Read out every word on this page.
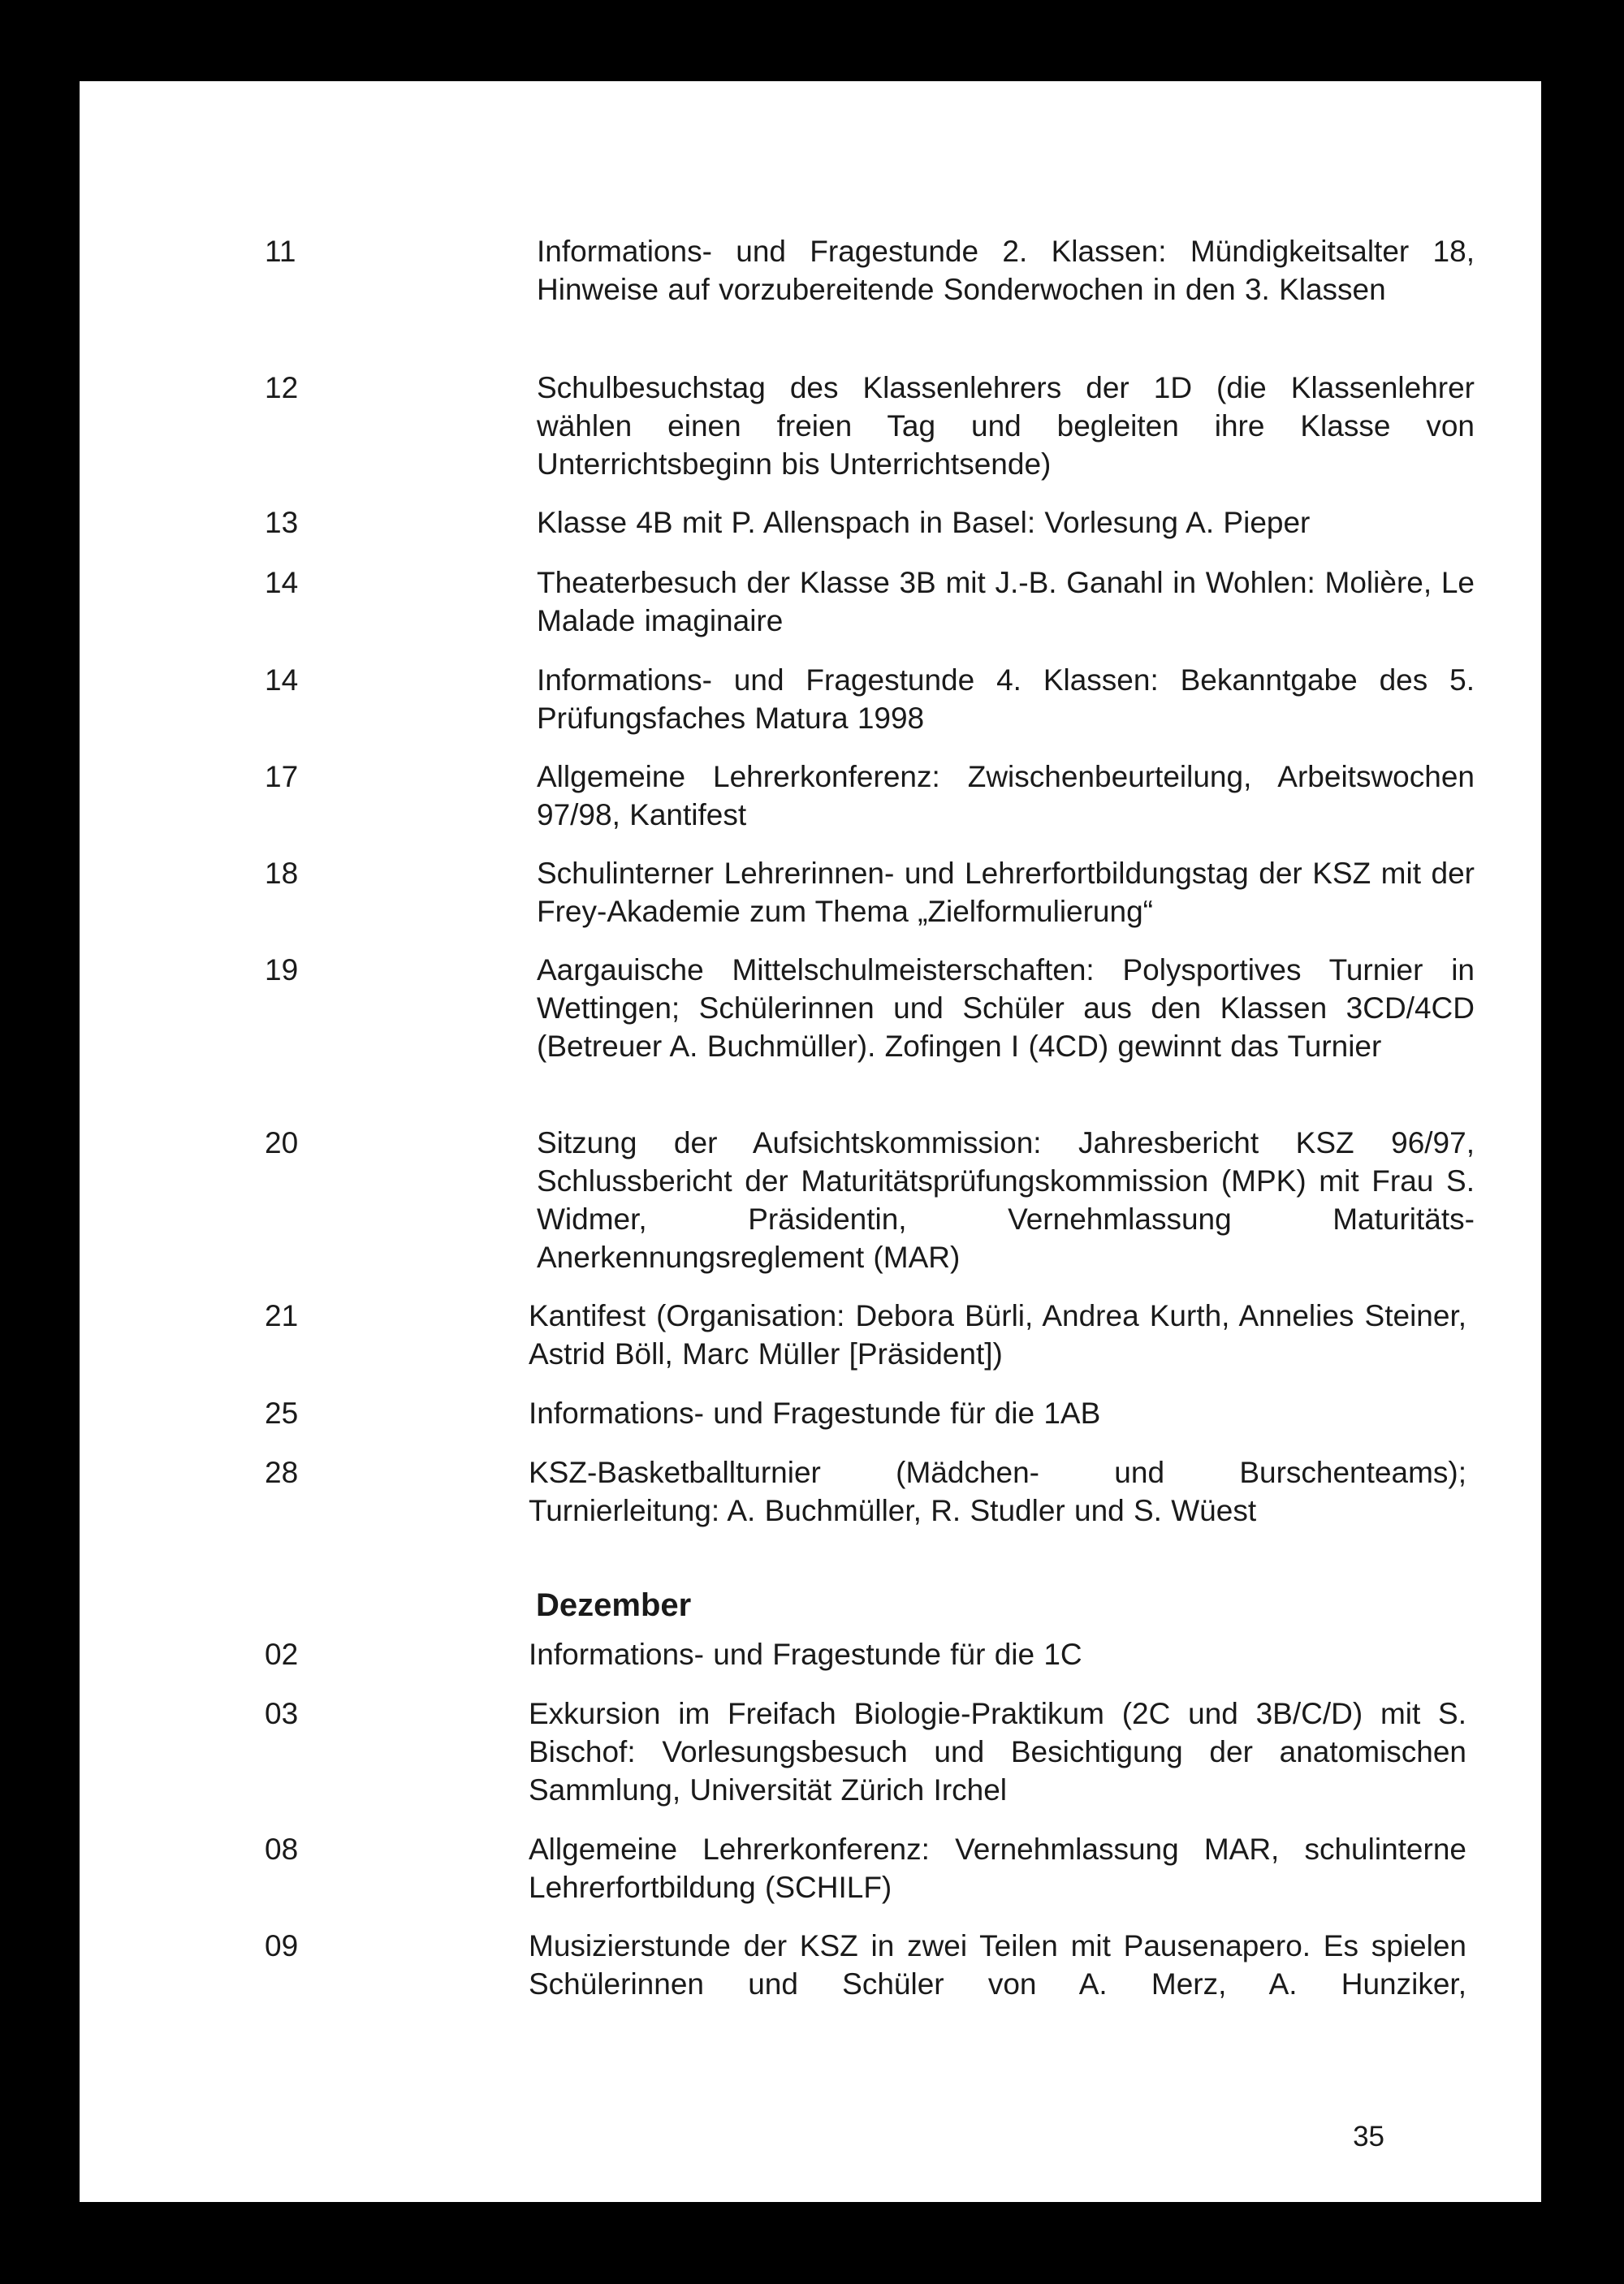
11	Informations- und Fragestunde 2. Klassen: Mündigkeitsalter 18, Hinweise auf vorzubereitende Sonderwochen in den 3. Klassen
12	Schulbesuchstag des Klassenlehrers der 1D (die Klassenlehrer wählen einen freien Tag und begleiten ihre Klasse von Unterrichtsbeginn bis Unterrichtsende)
13	Klasse 4B mit P. Allenspach in Basel: Vorlesung A. Pieper
14	Theaterbesuch der Klasse 3B mit J.-B. Ganahl in Wohlen: Molière, Le Malade imaginaire
14	Informations- und Fragestunde 4. Klassen: Bekanntgabe des 5. Prüfungsfaches Matura 1998
17	Allgemeine Lehrerkonferenz: Zwischenbeurteilung, Arbeitswochen 97/98, Kantifest
18	Schulinterner Lehrerinnen- und Lehrerfortbildungstag der KSZ mit der Frey-Akademie zum Thema „Zielformulierung“
19	Aargauische Mittelschulmeisterschaften: Polysportives Turnier in Wettingen; Schülerinnen und Schüler aus den Klassen 3CD/4CD (Betreuer A. Buchmüller). Zofingen I (4CD) gewinnt das Turnier
20	Sitzung der Aufsichtskommission: Jahresbericht KSZ 96/97, Schlussbericht der Maturitätsprüfungskommission (MPK) mit Frau S. Widmer, Präsidentin, Vernehmlassung Maturitäts-Anerkennungsreglement (MAR)
21	Kantifest (Organisation: Debora Bürli, Andrea Kurth, Annelies Steiner, Astrid Böll, Marc Müller [Präsident])
25	Informations- und Fragestunde für die 1AB
28	KSZ-Basketballturnier (Mädchen- und Burschenteams); Turnierleitung: A. Buchmüller, R. Studler und S. Wüest
Dezember
02	Informations- und Fragestunde für die 1C
03	Exkursion im Freifach Biologie-Praktikum (2C und 3B/C/D) mit S. Bischof: Vorlesungsbesuch und Besichtigung der anatomischen Sammlung, Universität Zürich Irchel
08	Allgemeine Lehrerkonferenz: Vernehmlassung MAR, schulinterne Lehrerfortbildung (SCHILF)
09	Musizierstunde der KSZ in zwei Teilen mit Pausenapero. Es spielen Schülerinnen und Schüler von A. Merz, A. Hunziker,
35
